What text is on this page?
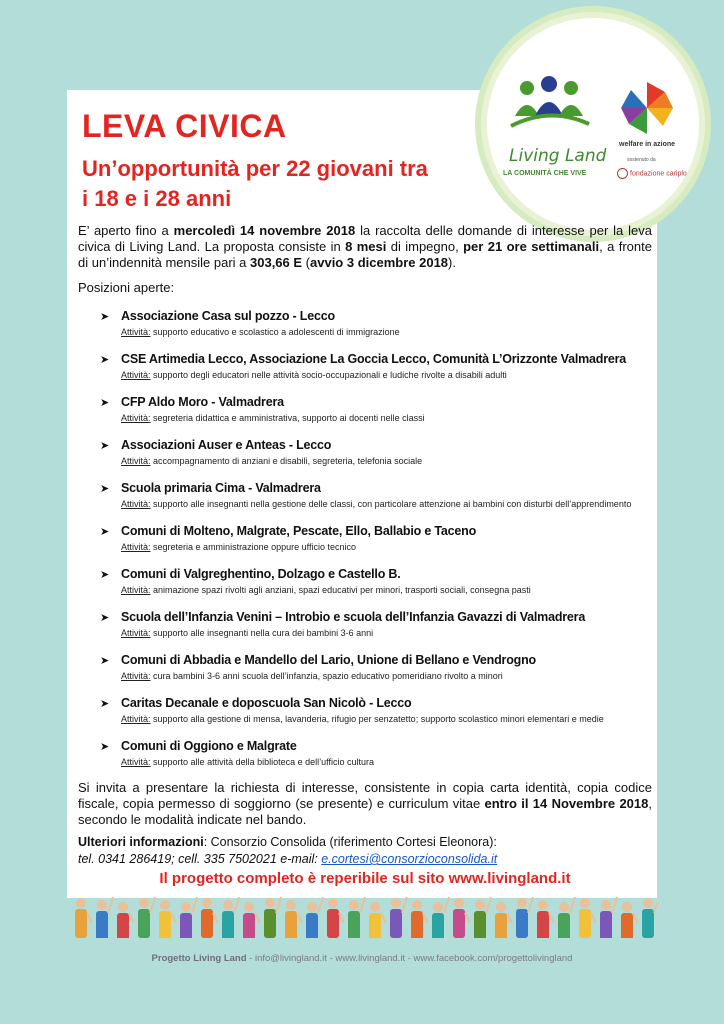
Living Land
LA COMUNITÀ CHE VIVE
welfare in azione
sostenuto da
fondazione cariplo
LEVA CIVICA
Un’opportunità per 22 giovani tra
i 18 e i 28 anni

E’ aperto fino a mercoledì 14 novembre 2018 la raccolta delle domande di interesse per la leva civica di Living Land. La proposta consiste in 8 mesi di impegno, per 21 ore settimanali, a fronte di un’indennità mensile pari a 303,66 E (avvio 3 dicembre 2018).

Posizioni aperte:
➤ Associazione Casa sul pozzo - Lecco
Attività: supporto educativo e scolastico a adolescenti di immigrazione
➤ CSE Artimedia Lecco, Associazione La Goccia Lecco, Comunità L’Orizzonte Valmadrera
Attività: supporto degli educatori nelle attività socio-occupazionali e ludiche rivolte a disabili adulti
➤ CFP Aldo Moro - Valmadrera
Attività: segreteria didattica e amministrativa, supporto ai docenti nelle classi
➤ Associazioni Auser e Anteas - Lecco
Attività: accompagnamento di anziani e disabili, segreteria, telefonia sociale
➤ Scuola primaria Cima - Valmadrera
Attività: supporto alle insegnanti nella gestione delle classi, con particolare attenzione ai bambini con disturbi dell’apprendimento
➤ Comuni di Molteno, Malgrate, Pescate, Ello, Ballabio e Taceno
Attività: segreteria e amministrazione oppure ufficio tecnico
➤ Comuni di Valgreghentino, Dolzago e Castello B.
Attività: animazione spazi rivolti agli anziani, spazi educativi per minori, trasporti sociali, consegna pasti
➤ Scuola dell’Infanzia Venini – Introbio e scuola dell’Infanzia Gavazzi di Valmadrera
Attività: supporto alle insegnanti nella cura dei bambini 3-6 anni
➤ Comuni di Abbadia e Mandello del Lario, Unione di Bellano e Vendrogno
Attività: cura bambini 3-6 anni scuola dell’infanzia, spazio educativo pomeridiano rivolto a minori
➤ Caritas Decanale e doposcuola San Nicolò - Lecco
Attività: supporto alla gestione di mensa, lavanderia, rifugio per senzatetto; supporto scolastico minori elementari e medie
➤ Comuni di Oggiono e Malgrate
Attività: supporto alle attività della biblioteca e dell’ufficio cultura

Si invita a presentare la richiesta di interesse, consistente in copia carta identità, copia codice fiscale, copia permesso di soggiorno (se presente) e curriculum vitae entro il 14 Novembre 2018, secondo le modalità indicate nel bando.

Ulteriori informazioni: Consorzio Consolida (riferimento Cortesi Eleonora):
tel. 0341 286419; cell. 335 7502021 e-mail: e.cortesi@consorzioconsolida.it
Il progetto completo è reperibile sul sito www.livingland.it
Progetto Living Land - info@livingland.it - www.livingland.it - www.facebook.com/progettolivingland
